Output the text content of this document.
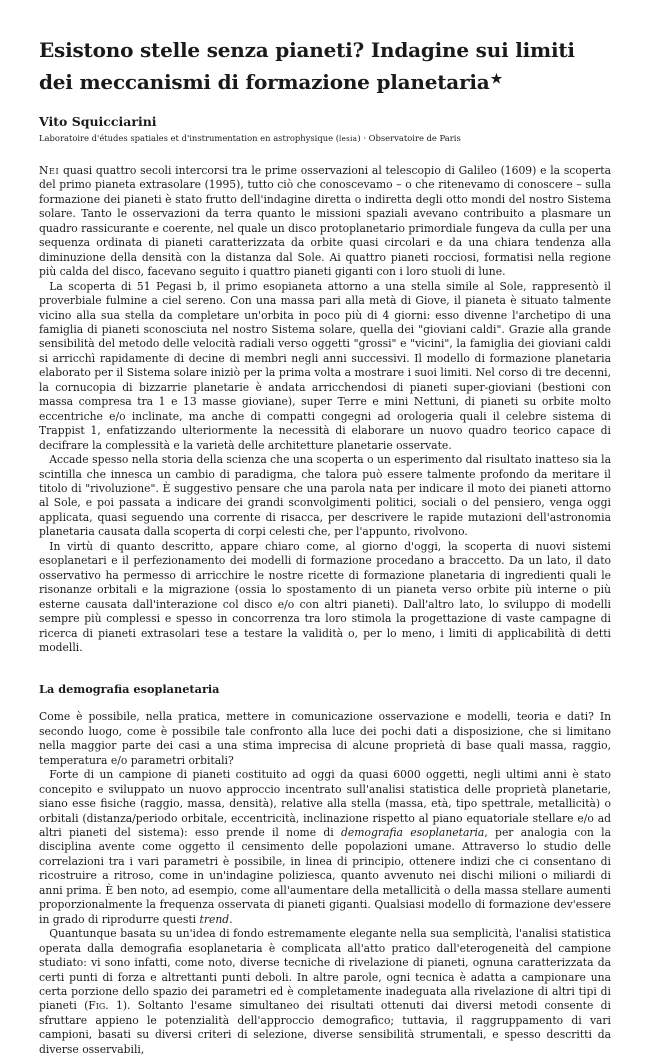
Esistono stelle senza pianeti? Indagine sui limiti dei meccanismi di formazione planetaria★
Vito Squicciarini
Laboratoire d'études spatiales et d'instrumentation en astrophysique (lesia) · Observatoire de Paris

Nei quasi quattro secoli intercorsi tra le prime osservazioni al telescopio di Galileo (1609) e la scoperta del primo pianeta extrasolare (1995), tutto ciò che conoscevamo – o che ritenevamo di conoscere – sulla formazione dei pianeti è stato frutto dell'indagine diretta o indiretta degli otto mondi del nostro Sistema solare. Tanto le osservazioni da terra quanto le missioni spaziali avevano contribuito a plasmare un quadro rassicurante e coerente, nel quale un disco protoplanetario primordiale fungeva da culla per una sequenza ordinata di pianeti caratterizzata da orbite quasi circolari e da una chiara tendenza alla diminuzione della densità con la distanza dal Sole. Ai quattro pianeti rocciosi, formatisi nella regione più calda del disco, facevano seguito i quattro pianeti giganti con i loro stuoli di lune.

La scoperta di 51 Pegasi b, il primo esopianeta attorno a una stella simile al Sole, rappresentò il proverbiale fulmine a ciel sereno. Con una massa pari alla metà di Giove, il pianeta è situato talmente vicino alla sua stella da completare un'orbita in poco più di 4 giorni: esso divenne l'archetipo di una famiglia di pianeti sconosciuta nel nostro Sistema solare, quella dei "gioviani caldi". Grazie alla grande sensibilità del metodo delle velocità radiali verso oggetti "grossi" e "vicini", la famiglia dei gioviani caldi si arricchì rapidamente di decine di membri negli anni successivi. Il modello di formazione planetaria elaborato per il Sistema solare iniziò per la prima volta a mostrare i suoi limiti. Nel corso di tre decenni, la cornucopia di bizzarrie planetarie è andata arricchendosi di pianeti super-gioviani (bestioni con massa compresa tra 1 e 13 masse gioviane), super Terre e mini Nettuni, di pianeti su orbite molto eccentriche e/o inclinate, ma anche di compatti congegni ad orologeria quali il celebre sistema di Trappist 1, enfatizzando ulteriormente la necessità di elaborare un nuovo quadro teorico capace di decifrare la complessità e la varietà delle architetture planetarie osservate.

Accade spesso nella storia della scienza che una scoperta o un esperimento dal risultato inatteso sia la scintilla che innesca un cambio di paradigma, che talora può essere talmente profondo da meritare il titolo di "rivoluzione". È suggestivo pensare che una parola nata per indicare il moto dei pianeti attorno al Sole, e poi passata a indicare dei grandi sconvolgimenti politici, sociali o del pensiero, venga oggi applicata, quasi seguendo una corrente di risacca, per descrivere le rapide mutazioni dell'astronomia planetaria causata dalla scoperta di corpi celesti che, per l'appunto, rivolvono.

In virtù di quanto descritto, appare chiaro come, al giorno d'oggi, la scoperta di nuovi sistemi esoplanetari e il perfezionamento dei modelli di formazione procedano a braccetto. Da un lato, il dato osservativo ha permesso di arricchire le nostre ricette di formazione planetaria di ingredienti quali le risonanze orbitali e la migrazione (ossia lo spostamento di un pianeta verso orbite più interne o più esterne causata dall'interazione col disco e/o con altri pianeti). Dall'altro lato, lo sviluppo di modelli sempre più complessi e spesso in concorrenza tra loro stimola la progettazione di vaste campagne di ricerca di pianeti extrasolari tese a testare la validità o, per lo meno, i limiti di applicabilità di detti modelli.

La demografia esoplanetaria

Come è possibile, nella pratica, mettere in comunicazione osservazione e modelli, teoria e dati? In secondo luogo, come è possibile tale confronto alla luce dei pochi dati a disposizione, che si limitano nella maggior parte dei casi a una stima imprecisa di alcune proprietà di base quali massa, raggio, temperatura e/o parametri orbitali?

Forte di un campione di pianeti costituito ad oggi da quasi 6000 oggetti, negli ultimi anni è stato concepito e sviluppato un nuovo approccio incentrato sull'analisi statistica delle proprietà planetarie, siano esse fisiche (raggio, massa, densità), relative alla stella (massa, età, tipo spettrale, metallicità) o orbitali (distanza/periodo orbitale, eccentricità, inclinazione rispetto al piano equatoriale stellare e/o ad altri pianeti del sistema): esso prende il nome di demografia esoplanetaria, per analogia con la disciplina avente come oggetto il censimento delle popolazioni umane. Attraverso lo studio delle correlazioni tra i vari parametri è possibile, in linea di principio, ottenere indizi che ci consentano di ricostruire a ritroso, come in un'indagine poliziesca, quanto avvenuto nei dischi milioni o miliardi di anni prima. È ben noto, ad esempio, come all'aumentare della metallicità o della massa stellare aumenti proporzionalmente la frequenza osservata di pianeti giganti. Qualsiasi modello di formazione dev'essere in grado di riprodurre questi trend.

Quantunque basata su un'idea di fondo estremamente elegante nella sua semplicità, l'analisi statistica operata dalla demografia esoplanetaria è complicata all'atto pratico dall'eterogeneità del campione studiato: vi sono infatti, come noto, diverse tecniche di rivelazione di pianeti, ognuna caratterizzata da certi punti di forza e altrettanti punti deboli. In altre parole, ogni tecnica è adatta a campionare una certa porzione dello spazio dei parametri ed è completamente inadeguata alla rivelazione di altri tipi di pianeti (Fig. 1). Soltanto l'esame simultaneo dei risultati ottenuti dai diversi metodi consente di sfruttare appieno le potenzialità dell'approccio demografico; tuttavia, il raggruppamento di vari campioni, basati su diversi criteri di selezione, diverse sensibilità strumentali, e spesso descritti da diverse osservabili,
